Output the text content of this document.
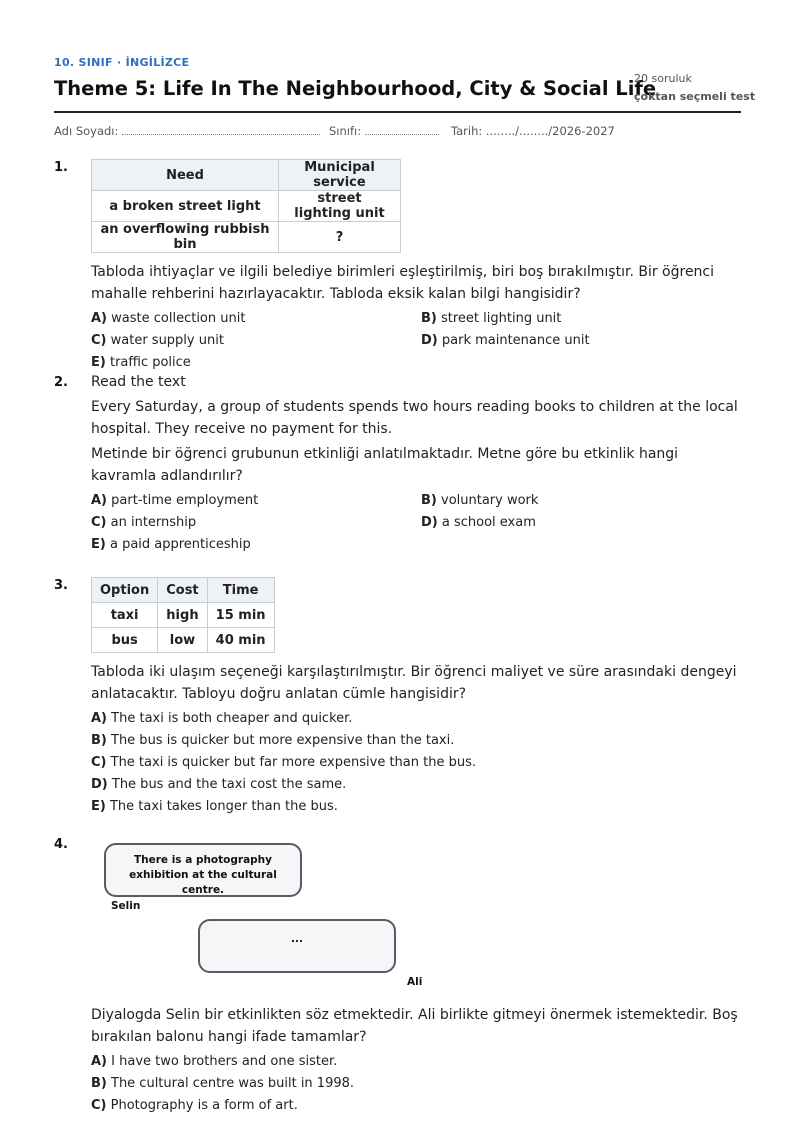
10. SINIF · İNGİLİZCE
Theme 5: Life In The Neighbourhood, City & Social Life
20 soruluk
çoktan seçmeli test
Adı Soyadı:	Sınıfı:	Tarih: ......../......../2026-2027
1.	Need	Municipal service
a broken street light	street lighting unit
an overflowing rubbish bin	?
Tabloda ihtiyaçlar ve ilgili belediye birimleri eşleştirilmiş, biri boş bırakılmıştır. Bir öğrenci mahalle rehberini hazırlayacaktır. Tabloda eksik kalan bilgi hangisidir?
A) waste collection unit	B) street lighting unit
C) water supply unit	D) park maintenance unit
E) traffic police
2. Read the text
Every Saturday, a group of students spends two hours reading books to children at the local hospital. They receive no payment for this.
Metinde bir öğrenci grubunun etkinliği anlatılmaktadır. Metne göre bu etkinlik hangi kavramla adlandırılır?
A) part-time employment	B) voluntary work
C) an internship	D) a school exam
E) a paid apprenticeship
3. Option	Cost	Time
taxi	high	15 min
bus	low	40 min
Tabloda iki ulaşım seçeneği karşılaştırılmıştır. Bir öğrenci maliyet ve süre arasındaki dengeyi anlatacaktır. Tabloyu doğru anlatan cümle hangisidir?
A) The taxi is both cheaper and quicker.
B) The bus is quicker but more expensive than the taxi.
C) The taxi is quicker but far more expensive than the bus.
D) The bus and the taxi cost the same.
E) The taxi takes longer than the bus.
4.
There is a photography exhibition at the cultural centre.
Selin
...
Ali
Diyalogda Selin bir etkinlikten söz etmektedir. Ali birlikte gitmeyi önermek istemektedir. Boş bırakılan balonu hangi ifade tamamlar?
A) I have two brothers and one sister.
B) The cultural centre was built in 1998.
C) Photography is a form of art.
